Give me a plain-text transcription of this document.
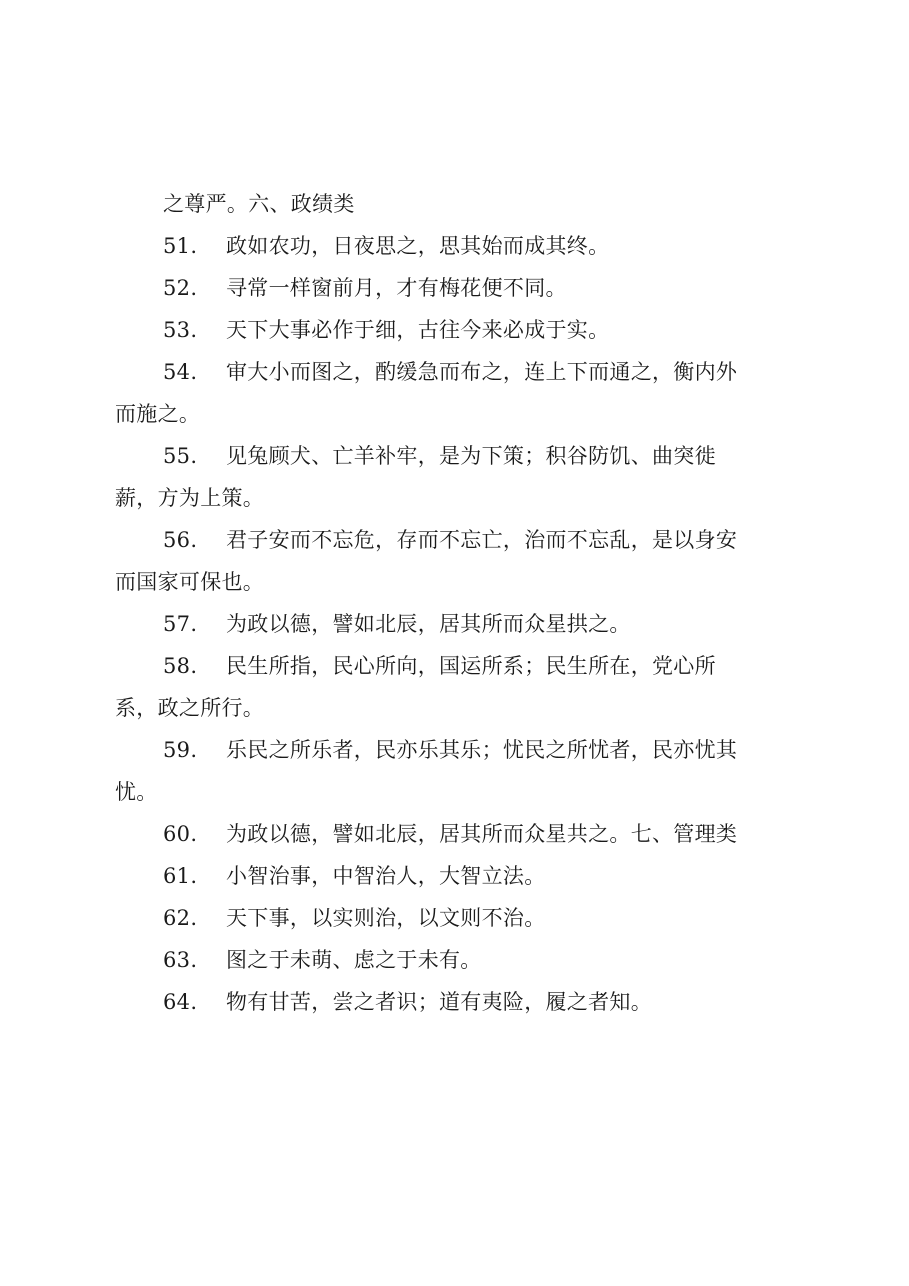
之尊严。六、政绩类
51. 政如农功，日夜思之，思其始而成其终。
52. 寻常一样窗前月，才有梅花便不同。
53. 天下大事必作于细，古往今来必成于实。
54. 审大小而图之，酌缓急而布之，连上下而通之，衡内外
而施之。
55. 见兔顾犬、亡羊补牢，是为下策；积谷防饥、曲突徙
薪，方为上策。
56. 君子安而不忘危，存而不忘亡，治而不忘乱，是以身安
而国家可保也。
57. 为政以德，譬如北辰，居其所而众星拱之。
58. 民生所指，民心所向，国运所系；民生所在，党心所
系，政之所行。
59. 乐民之所乐者，民亦乐其乐；忧民之所忧者，民亦忧其
忧。
60. 为政以德，譬如北辰，居其所而众星共之。七、管理类
61. 小智治事，中智治人，大智立法。
62. 天下事，以实则治，以文则不治。
63. 图之于未萌、虑之于未有。
64. 物有甘苦，尝之者识；道有夷险，履之者知。
